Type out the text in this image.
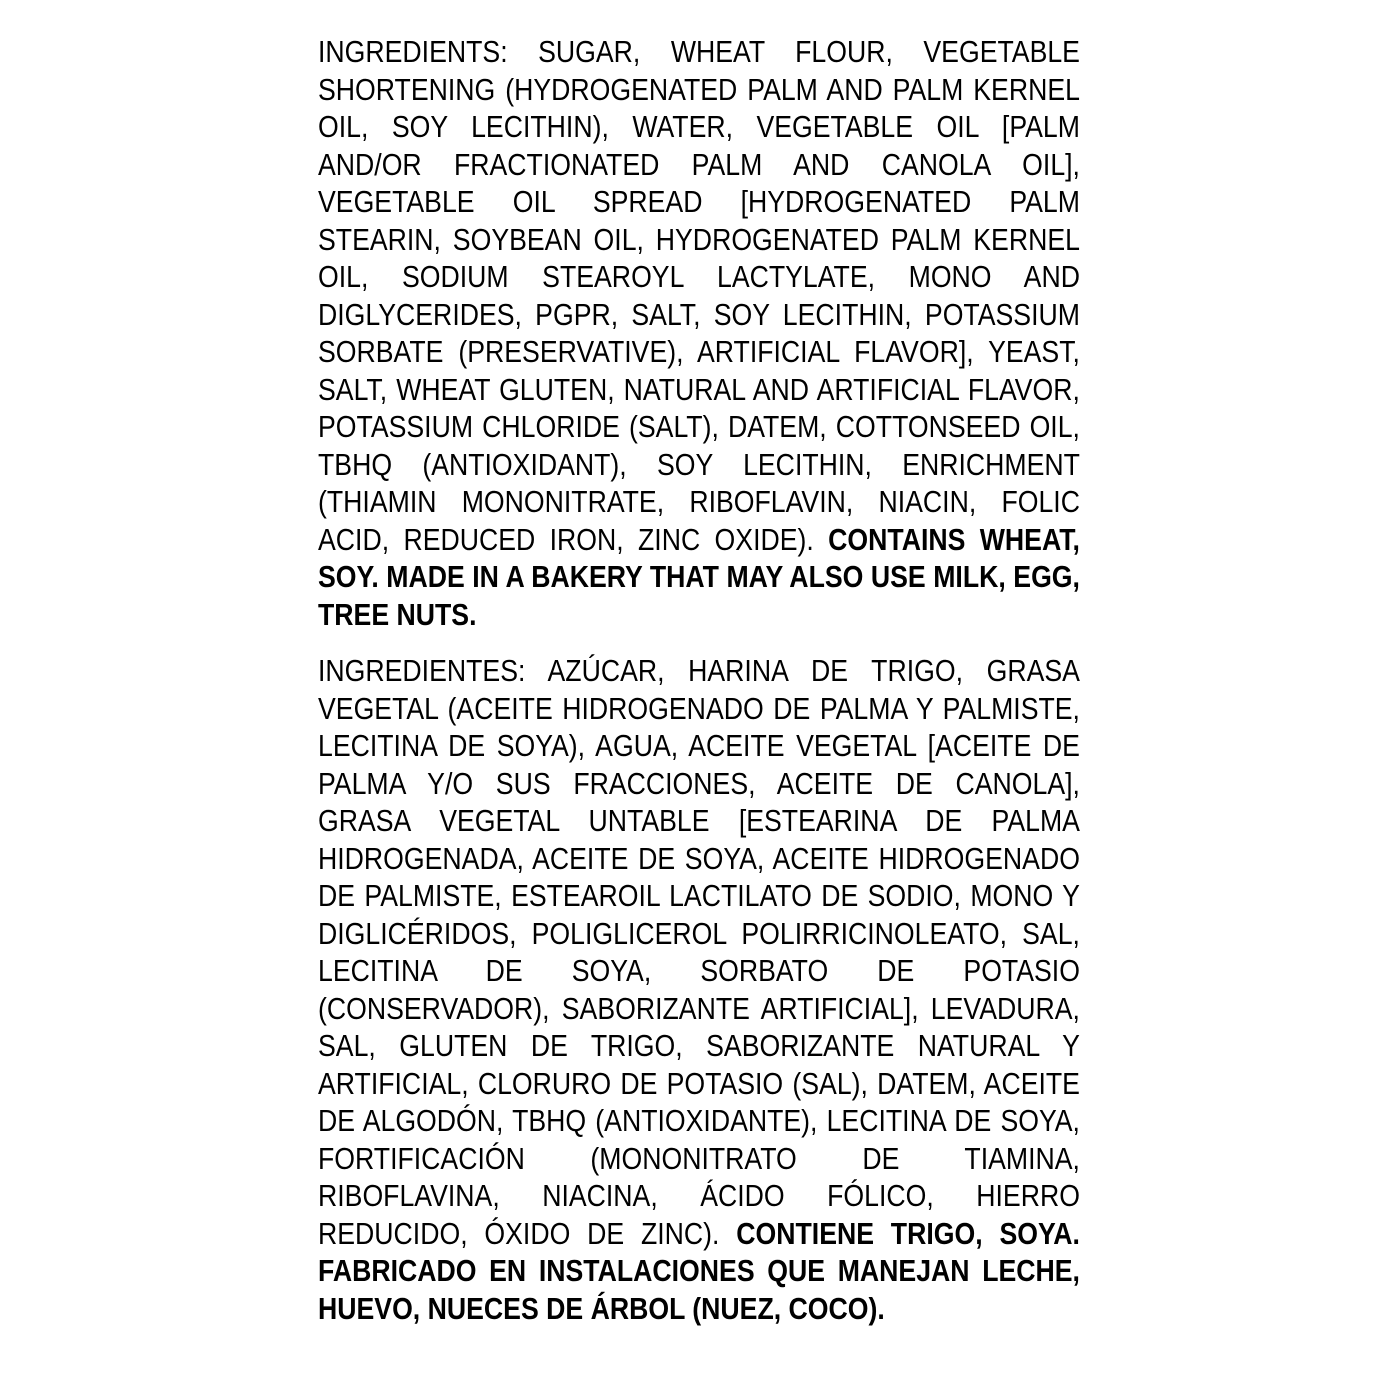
INGREDIENTS: SUGAR, WHEAT FLOUR, VEGETABLE SHORTENING (HYDROGENATED PALM AND PALM KERNEL OIL, SOY LECITHIN), WATER, VEGETABLE OIL [PALM AND/OR FRACTIONATED PALM AND CANOLA OIL], VEGETABLE OIL SPREAD [HYDROGENATED PALM STEARIN, SOYBEAN OIL, HYDROGENATED PALM KERNEL OIL, SODIUM STEAROYL LACTYLATE, MONO AND DIGLYCERIDES, PGPR, SALT, SOY LECITHIN, POTASSIUM SORBATE (PRESERVATIVE), ARTIFICIAL FLAVOR], YEAST, SALT, WHEAT GLUTEN, NATURAL AND ARTIFICIAL FLAVOR, POTASSIUM CHLORIDE (SALT), DATEM, COTTONSEED OIL, TBHQ (ANTIOXIDANT), SOY LECITHIN, ENRICHMENT (THIAMIN MONONITRATE, RIBOFLAVIN, NIACIN, FOLIC ACID, REDUCED IRON, ZINC OXIDE). CONTAINS WHEAT, SOY. MADE IN A BAKERY THAT MAY ALSO USE MILK, EGG, TREE NUTS.

INGREDIENTES: AZÚCAR, HARINA DE TRIGO, GRASA VEGETAL (ACEITE HIDROGENADO DE PALMA Y PALMISTE, LECITINA DE SOYA), AGUA, ACEITE VEGETAL [ACEITE DE PALMA Y/O SUS FRACCIONES, ACEITE DE CANOLA], GRASA VEGETAL UNTABLE [ESTEARINA DE PALMA HIDROGENADA, ACEITE DE SOYA, ACEITE HIDROGENADO DE PALMISTE, ESTEAROIL LACTILATO DE SODIO, MONO Y DIGLICÉRIDOS, POLIGLICEROL POLIRRICINOLEATO, SAL, LECITINA DE SOYA, SORBATO DE POTASIO (CONSERVADOR), SABORIZANTE ARTIFICIAL], LEVADURA, SAL, GLUTEN DE TRIGO, SABORIZANTE NATURAL Y ARTIFICIAL, CLORURO DE POTASIO (SAL), DATEM, ACEITE DE ALGODÓN, TBHQ (ANTIOXIDANTE), LECITINA DE SOYA, FORTIFICACIÓN (MONONITRATO DE TIAMINA, RIBOFLAVINA, NIACINA, ÁCIDO FÓLICO, HIERRO REDUCIDO, ÓXIDO DE ZINC). CONTIENE TRIGO, SOYA. FABRICADO EN INSTALACIONES QUE MANEJAN LECHE, HUEVO, NUECES DE ÁRBOL (NUEZ, COCO).
